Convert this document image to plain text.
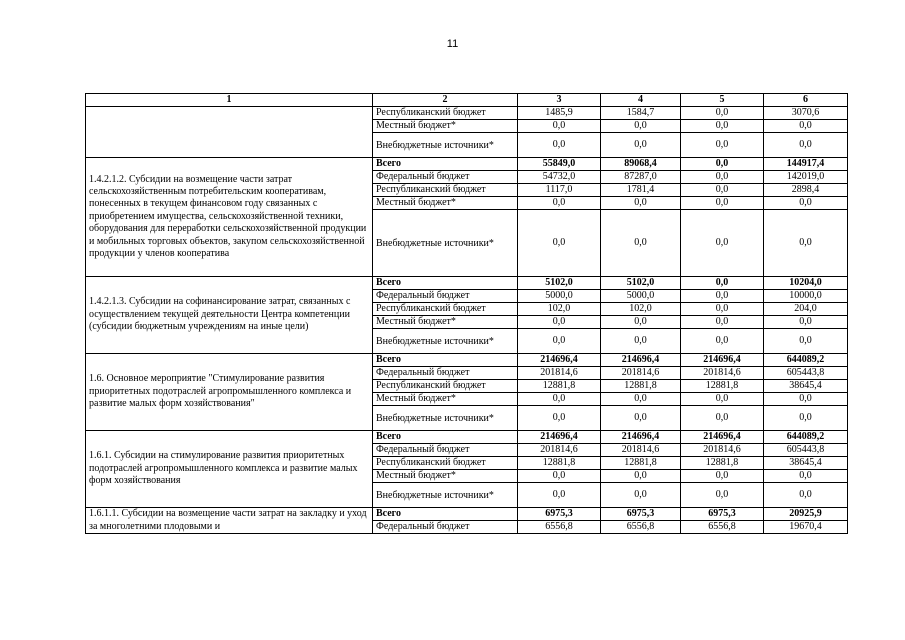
11
1	2	3	4	5	6
	Республиканский бюджет	1485,9	1584,7	0,0	3070,6
	Местный бюджет*	0,0	0,0	0,0	0,0
	Внебюджетные источники*	0,0	0,0	0,0	0,0
1.4.2.1.2. Субсидии на возмещение части затрат сельскохозяйственным потребительским кооперативам, понесенных в текущем финансовом году связанных с приобретением имущества, сельскохозяйственной техники, оборудования для переработки сельскохозяйственной продукции и мобильных торговых объектов, закупом сельскохозяйственной продукции у членов кооператива	Всего	55849,0	89068,4	0,0	144917,4
	Федеральный бюджет	54732,0	87287,0	0,0	142019,0
	Республиканский бюджет	1117,0	1781,4	0,0	2898,4
	Местный бюджет*	0,0	0,0	0,0	0,0
	Внебюджетные источники*	0,0	0,0	0,0	0,0
1.4.2.1.3. Субсидии на софинансирование затрат, связанных с осуществлением текущей деятельности Центра компетенции (субсидии бюджетным учреждениям на иные цели)	Всего	5102,0	5102,0	0,0	10204,0
	Федеральный бюджет	5000,0	5000,0	0,0	10000,0
	Республиканский бюджет	102,0	102,0	0,0	204,0
	Местный бюджет*	0,0	0,0	0,0	0,0
	Внебюджетные источники*	0,0	0,0	0,0	0,0
1.6. Основное мероприятие "Стимулирование развития приоритетных подотраслей агропромышленного комплекса и развитие малых форм хозяйствования"	Всего	214696,4	214696,4	214696,4	644089,2
	Федеральный бюджет	201814,6	201814,6	201814,6	605443,8
	Республиканский бюджет	12881,8	12881,8	12881,8	38645,4
	Местный бюджет*	0,0	0,0	0,0	0,0
	Внебюджетные источники*	0,0	0,0	0,0	0,0
1.6.1. Субсидии на стимулирование развития приоритетных подотраслей агропромышленного комплекса и развитие малых форм хозяйствования	Всего	214696,4	214696,4	214696,4	644089,2
	Федеральный бюджет	201814,6	201814,6	201814,6	605443,8
	Республиканский бюджет	12881,8	12881,8	12881,8	38645,4
	Местный бюджет*	0,0	0,0	0,0	0,0
	Внебюджетные источники*	0,0	0,0	0,0	0,0
1.6.1.1. Субсидии на возмещение части затрат на закладку и уход за многолетними плодовыми и	Всего	6975,3	6975,3	6975,3	20925,9
	Федеральный бюджет	6556,8	6556,8	6556,8	19670,4
